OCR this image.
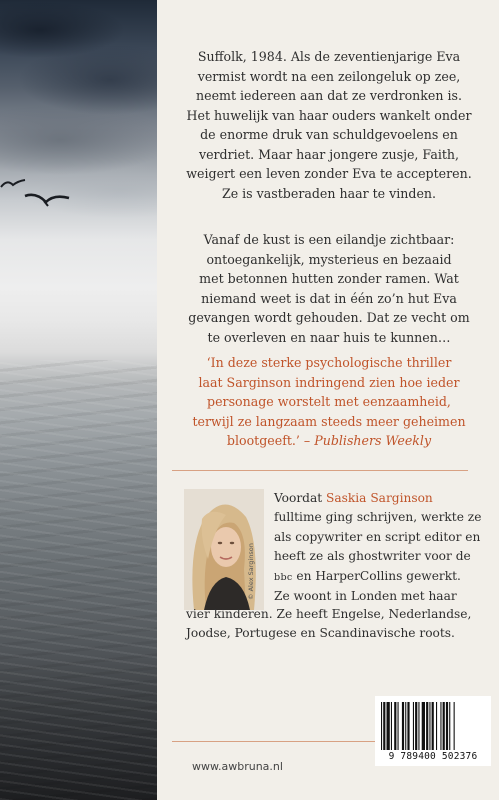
Suffolk, 1984. Als de zeventienjarige Eva
vermist wordt na een zeilongeluk op zee,
neemt iedereen aan dat ze verdronken is.
Het huwelijk van haar ouders wankelt onder
de enorme druk van schuldgevoelens en
verdriet. Maar haar jongere zusje, Faith,
weigert een leven zonder Eva te accepteren.
Ze is vastberaden haar te vinden.

Vanaf de kust is een eilandje zichtbaar:
ontoegankelijk, mysterieus en bezaaid
met betonnen hutten zonder ramen. Wat
niemand weet is dat in één zo’n hut Eva
gevangen wordt gehouden. Dat ze vecht om
te overleven en naar huis te kunnen…

‘In deze sterke psychologische thriller
laat Sarginson indringend zien hoe ieder
personage worstelt met eenzaamheid,
terwijl ze langzaam steeds meer geheimen
blootgeeft.’ – Publishers Weekly

© Alex Sarginson
Voordat Saskia Sarginson
fulltime ging schrijven, werkte ze
als copywriter en script editor en
heeft ze als ghostwriter voor de
bbc en HarperCollins gewerkt.
Ze woont in Londen met haar
vier kinderen. Ze heeft Engelse, Nederlandse,
Joodse, Portugese en Scandinavische roots.
www.awbruna.nl
9 789400 502376
